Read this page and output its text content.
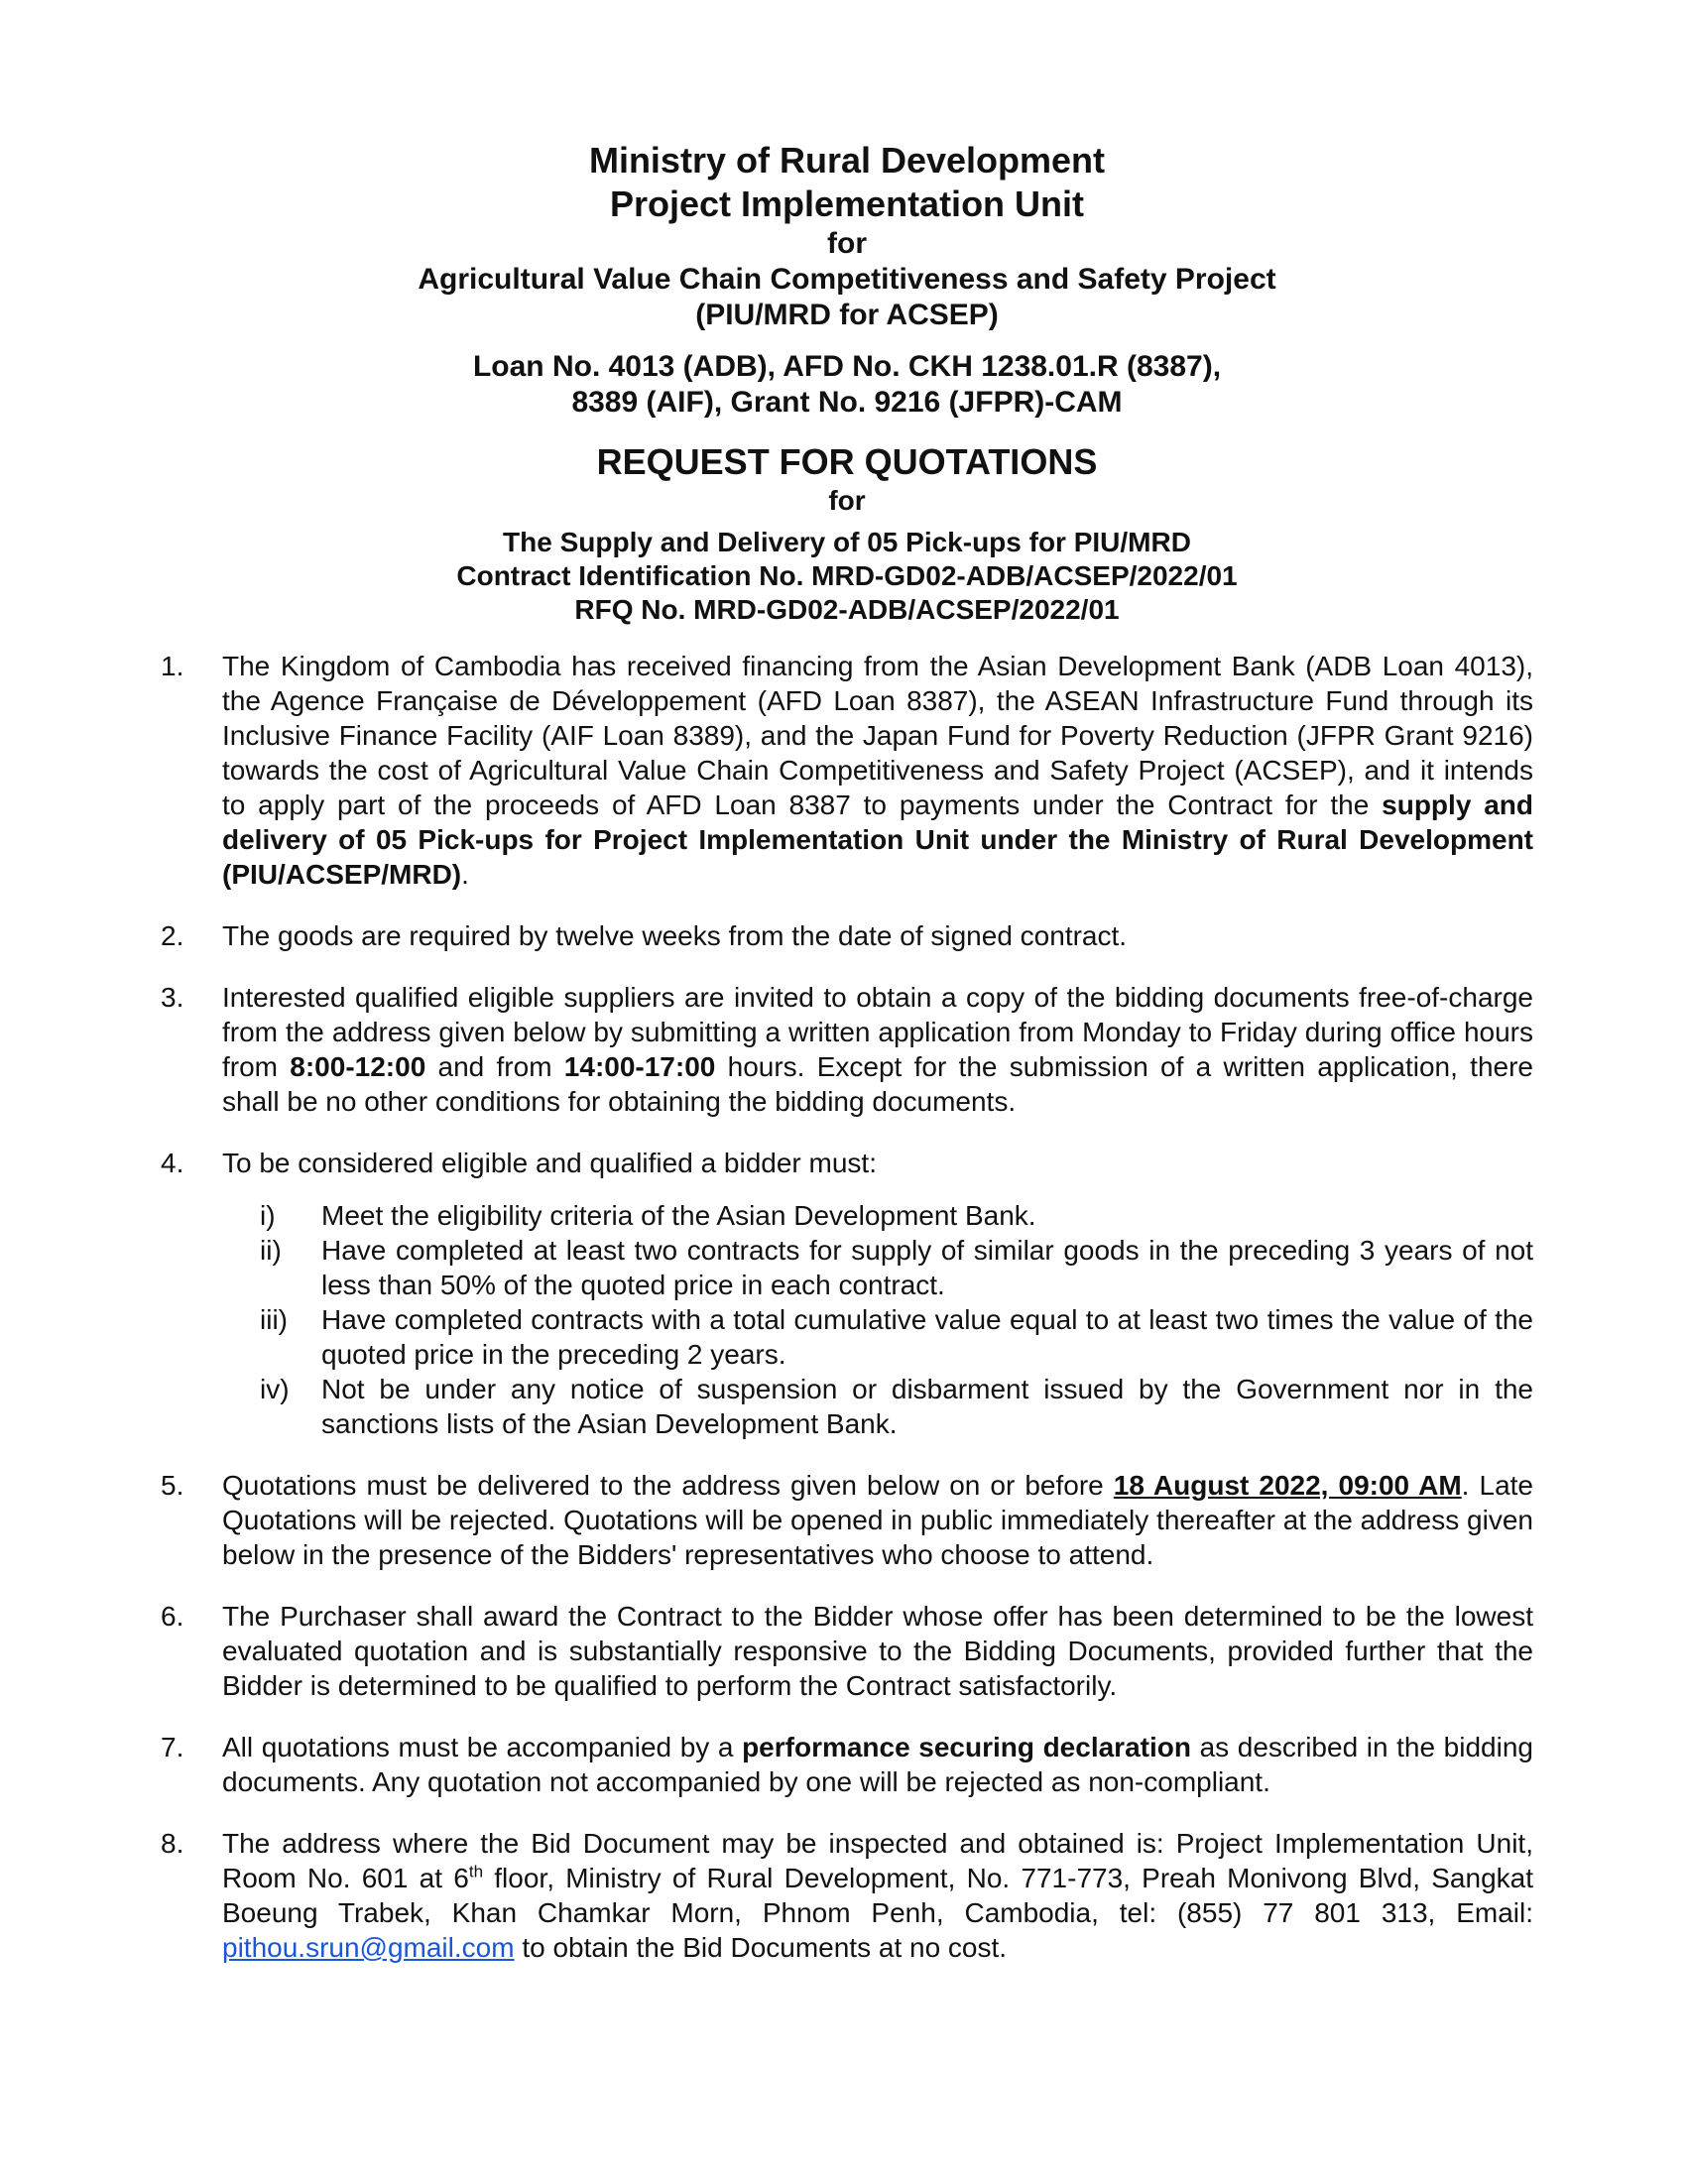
Ministry of Rural Development
Project Implementation Unit
for
Agricultural Value Chain Competitiveness and Safety Project
(PIU/MRD for ACSEP)
Loan No. 4013 (ADB), AFD No. CKH 1238.01.R (8387),
8389 (AIF), Grant No. 9216 (JFPR)-CAM
REQUEST FOR QUOTATIONS
for
The Supply and Delivery of 05 Pick-ups for PIU/MRD
Contract Identification No. MRD-GD02-ADB/ACSEP/2022/01
RFQ No. MRD-GD02-ADB/ACSEP/2022/01
1.	The Kingdom of Cambodia has received financing from the Asian Development Bank (ADB Loan 4013), the Agence Française de Développement (AFD Loan 8387), the ASEAN Infrastructure Fund through its Inclusive Finance Facility (AIF Loan 8389), and the Japan Fund for Poverty Reduction (JFPR Grant 9216) towards the cost of Agricultural Value Chain Competitiveness and Safety Project (ACSEP), and it intends to apply part of the proceeds of AFD Loan 8387 to payments under the Contract for the supply and delivery of 05 Pick-ups for Project Implementation Unit under the Ministry of Rural Development (PIU/ACSEP/MRD).
2.	The goods are required by twelve weeks from the date of signed contract.
3.	Interested qualified eligible suppliers are invited to obtain a copy of the bidding documents free-of-charge from the address given below by submitting a written application from Monday to Friday during office hours from 8:00-12:00 and from 14:00-17:00 hours. Except for the submission of a written application, there shall be no other conditions for obtaining the bidding documents.
4.	To be considered eligible and qualified a bidder must:
i)	Meet the eligibility criteria of the Asian Development Bank.
ii)	Have completed at least two contracts for supply of similar goods in the preceding 3 years of not less than 50% of the quoted price in each contract.
iii)	Have completed contracts with a total cumulative value equal to at least two times the value of the quoted price in the preceding 2 years.
iv)	Not be under any notice of suspension or disbarment issued by the Government nor in the sanctions lists of the Asian Development Bank.
5.	Quotations must be delivered to the address given below on or before 18 August 2022, 09:00 AM. Late Quotations will be rejected. Quotations will be opened in public immediately thereafter at the address given below in the presence of the Bidders' representatives who choose to attend.
6.	The Purchaser shall award the Contract to the Bidder whose offer has been determined to be the lowest evaluated quotation and is substantially responsive to the Bidding Documents, provided further that the Bidder is determined to be qualified to perform the Contract satisfactorily.
7.	All quotations must be accompanied by a performance securing declaration as described in the bidding documents. Any quotation not accompanied by one will be rejected as non-compliant.
8.	The address where the Bid Document may be inspected and obtained is: Project Implementation Unit, Room No. 601 at 6th floor, Ministry of Rural Development, No. 771-773, Preah Monivong Blvd, Sangkat Boeung Trabek, Khan Chamkar Morn, Phnom Penh, Cambodia, tel: (855) 77 801 313, Email: pithou.srun@gmail.com to obtain the Bid Documents at no cost.
